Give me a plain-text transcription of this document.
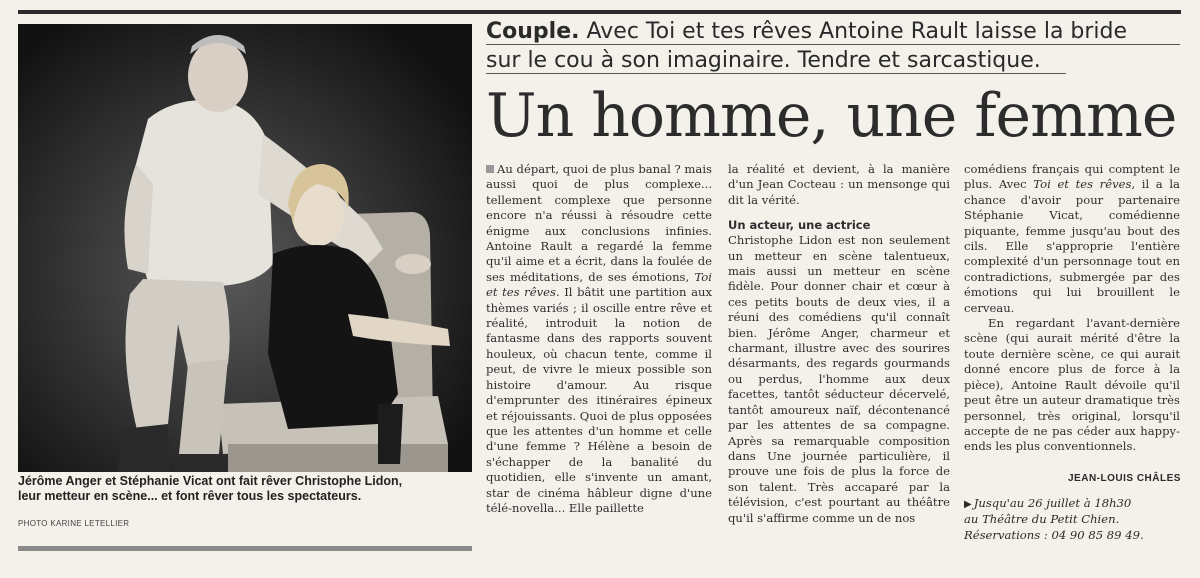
Jérôme Anger et Stéphanie Vicat ont fait rêver Christophe Lidon,

leur metteur en scène... et font rêver tous les spectateurs.

PHOTO KARINE LETELLIER
Couple. Avec Toi et tes rêves Antoine Rault laisse la bride
sur le cou à son imaginaire. Tendre et sarcastique.
Un homme, une femme

Au départ, quoi de plus banal ? mais aussi quoi de plus complexe... tellement complexe que personne encore n'a réussi à résoudre cette énigme aux conclusions infinies. Antoine Rault a regardé la femme qu'il aime et a écrit, dans la foulée de ses méditations, de ses émotions, Toi et tes rêves. Il bâtit une partition aux thèmes variés ; il oscille entre rêve et réalité, introduit la notion de fantasme dans des rapports souvent houleux, où chacun tente, comme il peut, de vivre le mieux possible son histoire d'amour. Au risque d'emprunter des itinéraires épineux et réjouissants. Quoi de plus opposées que les attentes d'un homme et celle d'une femme ? Hélène a besoin de s'échapper de la banalité du quotidien, elle s'invente un amant, star de cinéma hâbleur digne d'une télé-novella... Elle paillette

la réalité et devient, à la manière d'un Jean Cocteau : un mensonge qui dit la vérité.

Un acteur, une actrice

Christophe Lidon est non seulement un metteur en scène talentueux, mais aussi un metteur en scène fidèle. Pour donner chair et cœur à ces petits bouts de deux vies, il a réuni des comédiens qu'il connaît bien. Jérôme Anger, charmeur et charmant, illustre avec des sourires désarmants, des regards gourmands ou perdus, l'homme aux deux facettes, tantôt séducteur décervelé, tantôt amoureux naïf, décontenancé par les attentes de sa compagne. Après sa remarquable composition dans Une journée particulière, il prouve une fois de plus la force de son talent. Très accaparé par la télévision, c'est pourtant au théâtre qu'il s'affirme comme un de nos

comédiens français qui comptent le plus. Avec Toi et tes rêves, il a la chance d'avoir pour partenaire Stéphanie Vicat, comédienne piquante, femme jusqu'au bout des cils. Elle s'approprie l'entière complexité d'un personnage tout en contradictions, submergée par des émotions qui lui brouillent le cerveau.

En regardant l'avant-dernière scène (qui aurait mérité d'être la toute dernière scène, ce qui aurait donné encore plus de force à la pièce), Antoine Rault dévoile qu'il peut être un auteur dramatique très personnel, très original, lorsqu'il accepte de ne pas céder aux happy-ends les plus conventionnels.

JEAN-LOUIS CHÂLES

▶ Jusqu'au 26 juillet à 18h30

au Théâtre du Petit Chien.

Réservations : 04 90 85 89 49.
